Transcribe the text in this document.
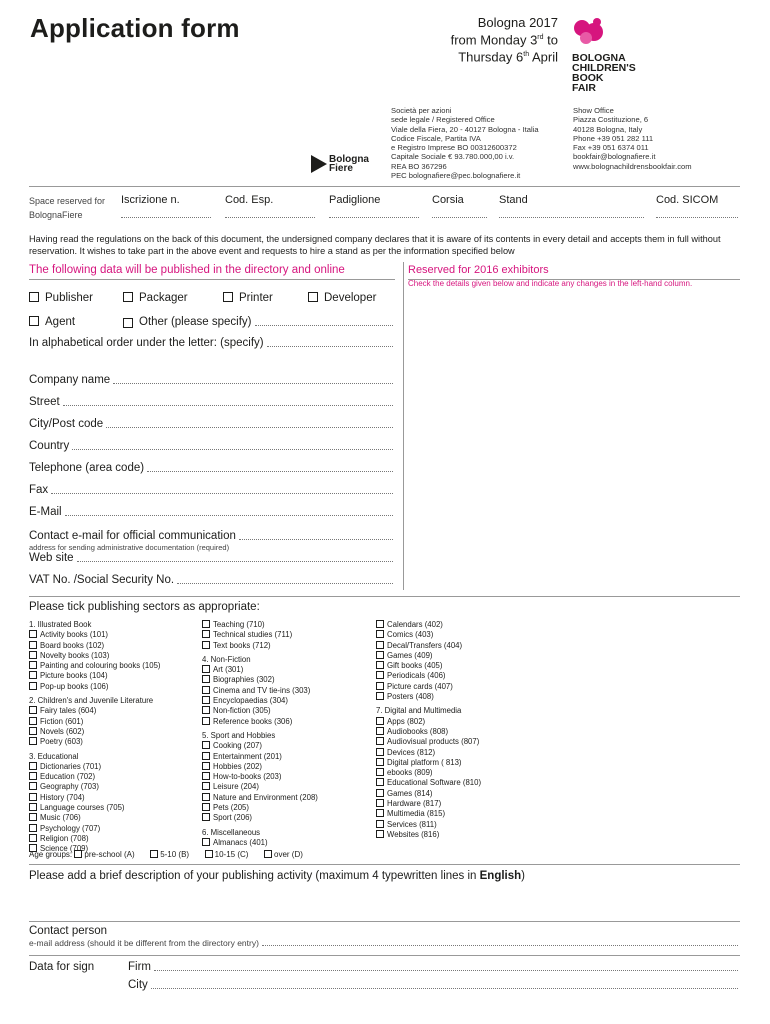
Application form	Bologna 2017
from Monday 3rd to
Thursday 6th April BOLOGNA
CHILDREN'S
BOOK
FAIR
Società per azioni
sede legale / Registered Office
Viale della Fiera, 20 - 40127 Bologna - Italia
Codice Fiscale, Partita IVA
e Registro Imprese BO 00312600372
Capitale Sociale € 93.780.000,00 i.v.
REA BO 367296
PEC bolognafiere@pec.bolognafiere.it
Show Office
Piazza Costituzione, 6
40128 Bologna, Italy
Phone +39 051 282 111
Fax +39 051 6374 011
bookfair@bolognafiere.it
www.bolognachildrensbookfair.com
Bologna
Fiere
Space reserved for
BolognaFiere
Iscrizione n.	Cod. Esp.	Padiglione	Corsia	Stand	Cod. SICOM
Having read the regulations on the back of this document, the undersigned company declares that it is aware of its contents in every detail and accepts them in full without reservation. It wishes to take part in the above event and requests to hire a stand as per the information specified below
The following data will be published in the directory and online	Reserved for 2016 exhibitors
Check the details given below and indicate any changes in the left-hand column.
Publisher	Packager	Printer	Developer
Agent	Other (please specify)
In alphabetical order under the letter: (specify)
Company name
Street
City/Post code
Country
Telephone (area code)
Fax
E-Mail
Contact e-mail for official communication
address for sending administrative documentation (required)
Web site
VAT No. /Social Security No.
Please tick publishing sectors as appropriate:
1. Illustrated Book
Activity books (101)
Board books (102)
Novelty books (103)
Painting and colouring books (105)
Picture books (104)
Pop-up books (106)
2. Children's and Juvenile Literature
Fairy tales (604)
Fiction (601)
Novels (602)
Poetry (603)
3. Educational
Dictionaries (701)
Education (702)
Geography (703)
History (704)
Language courses (705)
Music (706)
Psychology (707)
Religion (708)
Science (709)
Teaching (710)
Technical studies (711)
Text books (712)
4. Non-Fiction
Art (301)
Biographies (302)
Cinema and TV tie-ins (303)
Encyclopaedias (304)
Non-fiction (305)
Reference books (306)
5. Sport and Hobbies
Cooking (207)
Entertainment (201)
Hobbies (202)
How-to-books (203)
Leisure (204)
Nature and Environment (208)
Pets (205)
Sport (206)
6. Miscellaneous
Almanacs (401)
Calendars (402)
Comics (403)
Decal/Transfers (404)
Games (409)
Gift books (405)
Periodicals (406)
Picture cards (407)
Posters (408)
7. Digital and Multimedia
Apps (802)
Audiobooks (808)
Audiovisual products (807)
Devices (812)
Digital platform ( 813)
ebooks (809)
Educational Software (810)
Games (814)
Hardware (817)
Multimedia (815)
Services (811)
Websites (816)
Age groups: pre-school (A)	5-10 (B)	10-15 (C)	over (D)
Please add a brief description of your publishing activity (maximum 4 typewritten lines in English)
Contact person
e-mail address (should it be different from the directory entry)
Data for sign	Firm
City
